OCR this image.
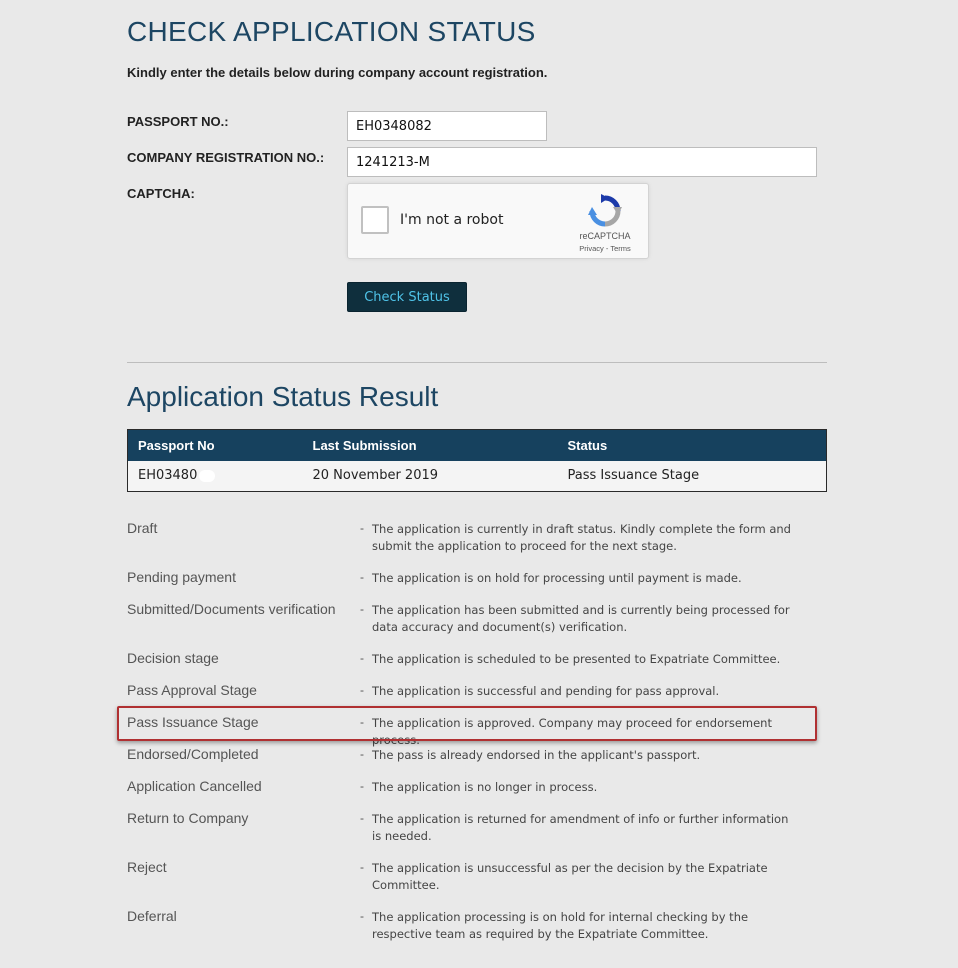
CHECK APPLICATION STATUS
Kindly enter the details below during company account registration.
PASSPORT NO.:
EH0348082
COMPANY REGISTRATION NO.:
1241213-M
CAPTCHA:
I'm not a robot
reCAPTCHA
Privacy - Terms
Check Status
Application Status Result
Passport No	Last Submission	Status
EH03480	20 November 2019	Pass Issuance Stage
Draft	- The application is currently in draft status. Kindly complete the form and submit the application to proceed for the next stage.
Pending payment	- The application is on hold for processing until payment is made.
Submitted/Documents verification - The application has been submitted and is currently being processed for data accuracy and document(s) verification.
Decision stage	- The application is scheduled to be presented to Expatriate Committee.
Pass Approval Stage	- The application is successful and pending for pass approval.
Pass Issuance Stage	- The application is approved. Company may proceed for endorsement process.
Endorsed/Completed	- The pass is already endorsed in the applicant's passport.
Application Cancelled	- The application is no longer in process.
Return to Company	- The application is returned for amendment of info or further information is needed.
Reject	- The application is unsuccessful as per the decision by the Expatriate Committee.
Deferral	- The application processing is on hold for internal checking by the respective team as required by the Expatriate Committee.
